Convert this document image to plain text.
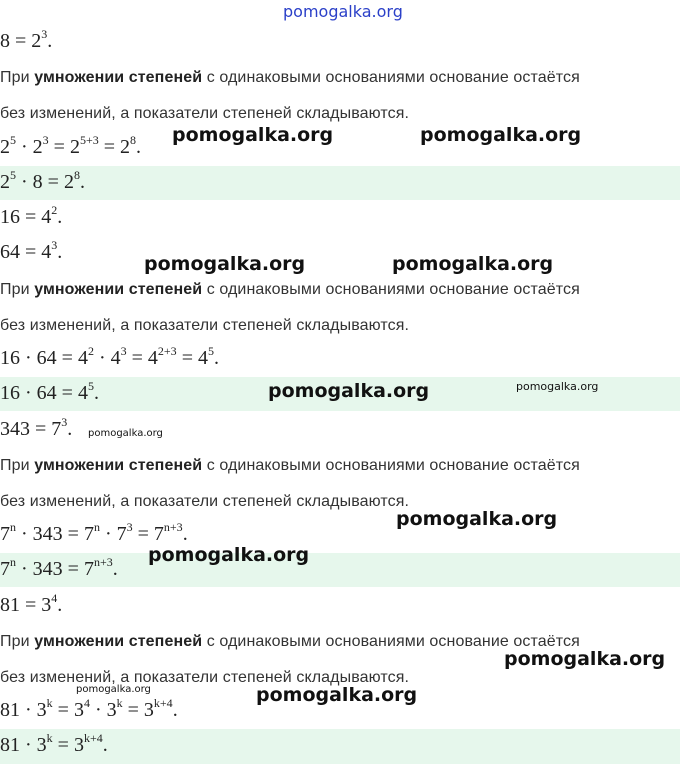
$8 = 2^3$.
При умножении степеней с одинаковыми основаниями основание остаётся
без изменений, а показатели степеней складываются.
$2^5 \cdot 2^3 = 2^{5+3} = 2^8$.
$2^5 \cdot 8 = 2^8$.
$16 = 4^2$.
$64 = 4^3$.
При умножении степеней с одинаковыми основаниями основание остаётся
без изменений, а показатели степеней складываются.
$16 \cdot 64 = 4^2 \cdot 4^3 = 4^{2+3} = 4^5$.
$16 \cdot 64 = 4^5$.
$343 = 7^3$.
При умножении степеней с одинаковыми основаниями основание остаётся
без изменений, а показатели степеней складываются.
$7^n \cdot 343 = 7^n \cdot 7^3 = 7^{n+3}$.
$7^n \cdot 343 = 7^{n+3}$.
$81 = 3^4$.
При умножении степеней с одинаковыми основаниями основание остаётся
без изменений, а показатели степеней складываются.
$81 \cdot 3^k = 3^4 \cdot 3^k = 3^{k+4}$.
$81 \cdot 3^k = 3^{k+4}$.
pomogalka.org
pomogalka.org	pomogalka.org
pomogalka.org	pomogalka.org
pomogalka.org	pomogalka.org
pomogalka.org
pomogalka.org
pomogalka.org
pomogalka.org
pomogalka.org	pomogalka.org
